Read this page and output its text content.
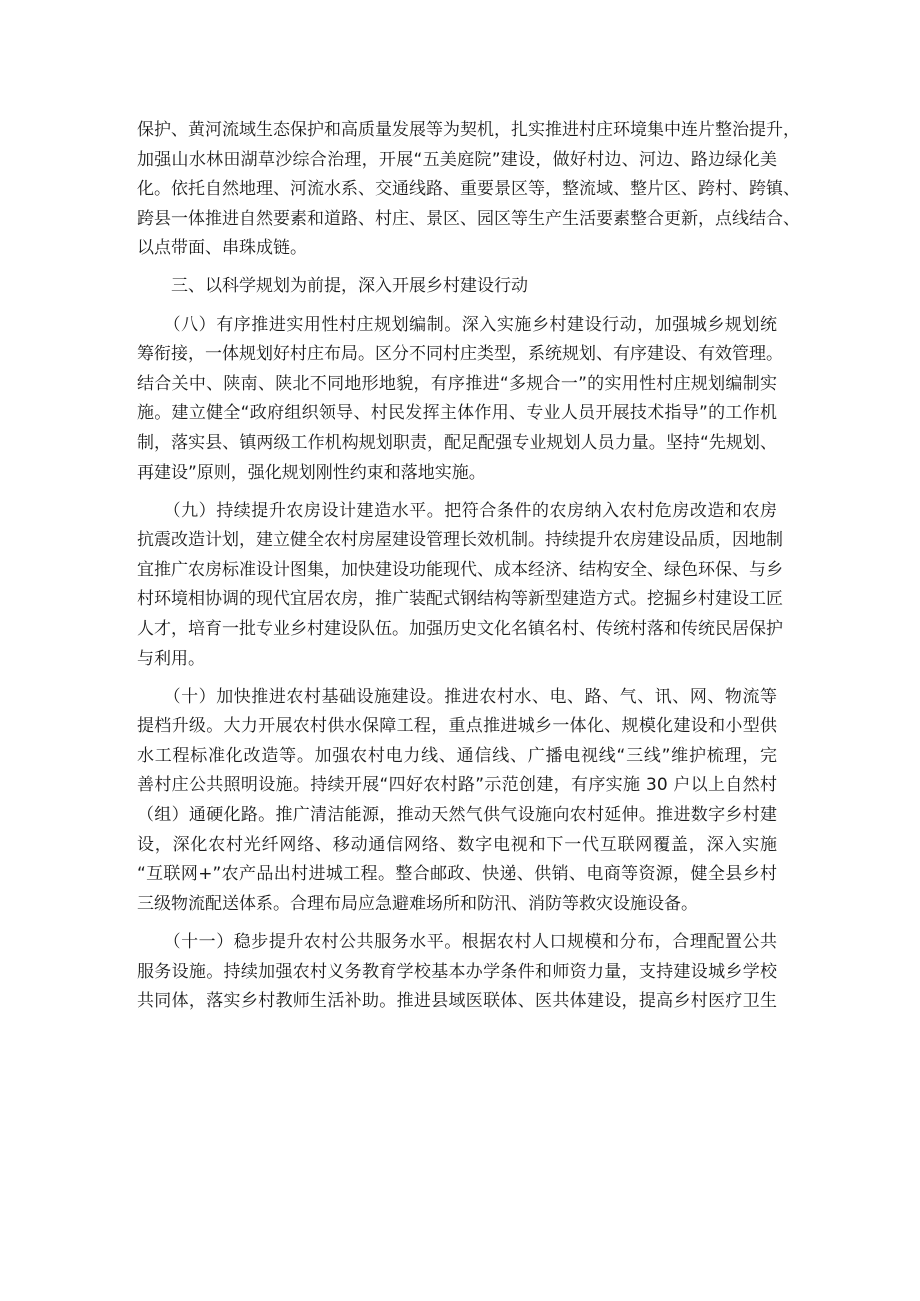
保护、黄河流域生态保护和高质量发展等为契机，扎实推进村庄环境集中连片整治提升，
加强山水林田湖草沙综合治理，开展“五美庭院”建设，做好村边、河边、路边绿化美
化。依托自然地理、河流水系、交通线路、重要景区等，整流域、整片区、跨村、跨镇、
跨县一体推进自然要素和道路、村庄、景区、园区等生产生活要素整合更新，点线结合、
以点带面、串珠成链。
　　三、以科学规划为前提，深入开展乡村建设行动
　　（八）有序推进实用性村庄规划编制。深入实施乡村建设行动，加强城乡规划统
筹衔接，一体规划好村庄布局。区分不同村庄类型，系统规划、有序建设、有效管理。
结合关中、陕南、陕北不同地形地貌，有序推进“多规合一”的实用性村庄规划编制实
施。建立健全“政府组织领导、村民发挥主体作用、专业人员开展技术指导”的工作机
制，落实县、镇两级工作机构规划职责，配足配强专业规划人员力量。坚持“先规划、
再建设”原则，强化规划刚性约束和落地实施。
　　（九）持续提升农房设计建造水平。把符合条件的农房纳入农村危房改造和农房
抗震改造计划，建立健全农村房屋建设管理长效机制。持续提升农房建设品质，因地制
宜推广农房标准设计图集，加快建设功能现代、成本经济、结构安全、绿色环保、与乡
村环境相协调的现代宜居农房，推广装配式钢结构等新型建造方式。挖掘乡村建设工匠
人才，培育一批专业乡村建设队伍。加强历史文化名镇名村、传统村落和传统民居保护
与利用。
　　（十）加快推进农村基础设施建设。推进农村水、电、路、气、讯、网、物流等
提档升级。大力开展农村供水保障工程，重点推进城乡一体化、规模化建设和小型供
水工程标准化改造等。加强农村电力线、通信线、广播电视线“三线”维护梳理，完
善村庄公共照明设施。持续开展“四好农村路”示范创建，有序实施 30 户以上自然村
（组）通硬化路。推广清洁能源，推动天然气供气设施向农村延伸。推进数字乡村建
设，深化农村光纤网络、移动通信网络、数字电视和下一代互联网覆盖，深入实施
“互联网+”农产品出村进城工程。整合邮政、快递、供销、电商等资源，健全县乡村
三级物流配送体系。合理布局应急避难场所和防汛、消防等救灾设施设备。
　　（十一）稳步提升农村公共服务水平。根据农村人口规模和分布，合理配置公共
服务设施。持续加强农村义务教育学校基本办学条件和师资力量，支持建设城乡学校
共同体，落实乡村教师生活补助。推进县域医联体、医共体建设，提高乡村医疗卫生
